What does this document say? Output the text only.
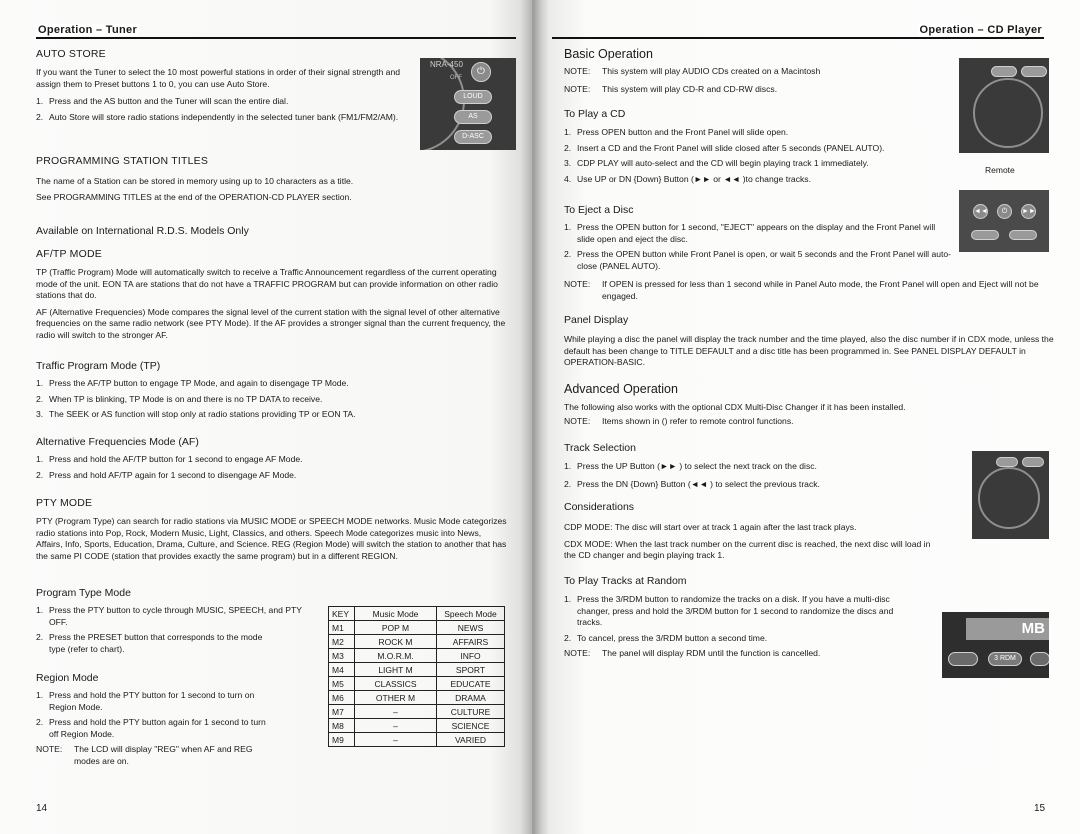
Operation – Tuner
AUTO STORE

If you want the Tuner to select the 10 most powerful stations in order of their signal strength and assign them to Preset buttons 1 to 0, you can use Auto Store.

1. Press and the AS button and the Tuner will scan the entire dial.
2. Auto Store will store radio stations independently in the selected tuner bank (FM1/FM2/AM).
NRA-450
⏻
OFF
LOUD
AS
D-ASC
PROGRAMMING STATION TITLES

The name of a Station can be stored in memory using up to 10 characters as a title.

See PROGRAMMING TITLES at the end of the OPERATION-CD PLAYER section.

Available on International R.D.S. Models Only
AF/TP MODE

TP (Traffic Program) Mode will automatically switch to receive a Traffic Announcement regardless of the current operating mode of the unit. EON TA are stations that do not have a TRAFFIC PROGRAM but can provide information on other radio stations that do.

AF (Alternative Frequencies) Mode compares the signal level of the current station with the signal level of other alternative frequencies on the same radio network (see PTY Mode). If the AF provides a stronger signal than the current frequency, the radio will switch to the stronger AF.

Traffic Program Mode (TP)
1. Press the AF/TP button to engage TP Mode, and again to disengage TP Mode.
2. When TP is blinking, TP Mode is on and there is no TP DATA to receive.
3. The SEEK or AS function will stop only at radio stations providing TP or EON TA.
Alternative Frequencies Mode (AF)
1. Press and hold the AF/TP button for 1 second to engage AF Mode.
2. Press and hold AF/TP again for 1 second to disengage AF Mode.
PTY MODE

PTY (Program Type) can search for radio stations via MUSIC MODE or SPEECH MODE networks. Music Mode categorizes radio stations into Pop, Rock, Modern Music, Light, Classics, and others. Speech Mode categorizes music into News, Affairs, Info, Sports, Education, Drama, Culture, and Science. REG (Region Mode) will switch the station to another that has the same PI CODE (station that provides exactly the same program) but in a different REGION.

Program Type Mode
1. Press the PTY button to cycle through MUSIC, SPEECH, and PTY OFF.
2. Press the PRESET button that corresponds to the mode type (refer to chart).
Region Mode
1. Press and hold the PTY button for 1 second to turn on Region Mode.
2. Press and hold the PTY button again for 1 second to turn off Region Mode.
NOTE:	The LCD will display "REG" when AF and REG modes are on.
KEY	Music Mode	Speech Mode
M1	POP M	NEWS
M2	ROCK M	AFFAIRS
M3	M.O.R.M.	INFO
M4	LIGHT M	SPORT
M5	CLASSICS	EDUCATE
M6	OTHER M	DRAMA
M7	–	CULTURE
M8	–	SCIENCE
M9	–	VARIED
14
Operation – CD Player
Basic Operation
NOTE:	This system will play AUDIO CDs created on a Macintosh
NOTE:	This system will play CD-R and CD-RW discs.
To Play a CD
1. Press OPEN button and the Front Panel will slide open.
2. Insert a CD and the Front Panel will slide closed after 5 seconds (PANEL AUTO).
3. CDP PLAY will auto-select and the CD will begin playing track 1 immediately.
4. Use UP or DN {Down} Button (►► or ◄◄ )to change tracks.
Remote
◄◄	⏻	►►
To Eject a Disc
1. Press the OPEN button for 1 second, "EJECT" appears on the display and the Front Panel will slide open and eject the disc.
2. Press the OPEN button while Front Panel is open, or wait 5 seconds and the Front Panel will auto-close (PANEL AUTO).
NOTE:	If OPEN is pressed for less than 1 second while in Panel Auto mode, the Front Panel will open and Eject will not be engaged.
Panel Display

While playing a disc the panel will display the track number and the time played, also the disc number if in CDX mode, unless the default has been change to TITLE DEFAULT and a disc title has been programmed in. See PANEL DISPLAY DEFAULT in OPERATION-BASIC.

Advanced Operation

The following also works with the optional CDX Multi-Disc Changer if it has been installed.

NOTE:	Items shown in () refer to remote control functions.
Track Selection
1. Press the UP Button (►► ) to select the next track on the disc.
2. Press the DN {Down} Button (◄◄ ) to select the previous track.
Considerations

CDP MODE: The disc will start over at track 1 again after the last track plays.

CDX MODE: When the last track number on the current disc is reached, the next disc will load in the CD changer and begin playing track 1.

To Play Tracks at Random
1. Press the 3/RDM button to randomize the tracks on a disk. If you have a multi-disc changer, press and hold the 3/RDM button for 1 second to randomize the discs and tracks.
2. To cancel, press the 3/RDM button a second time.
NOTE:	The panel will display RDM until the function is cancelled.
MB
3 RDM
15
